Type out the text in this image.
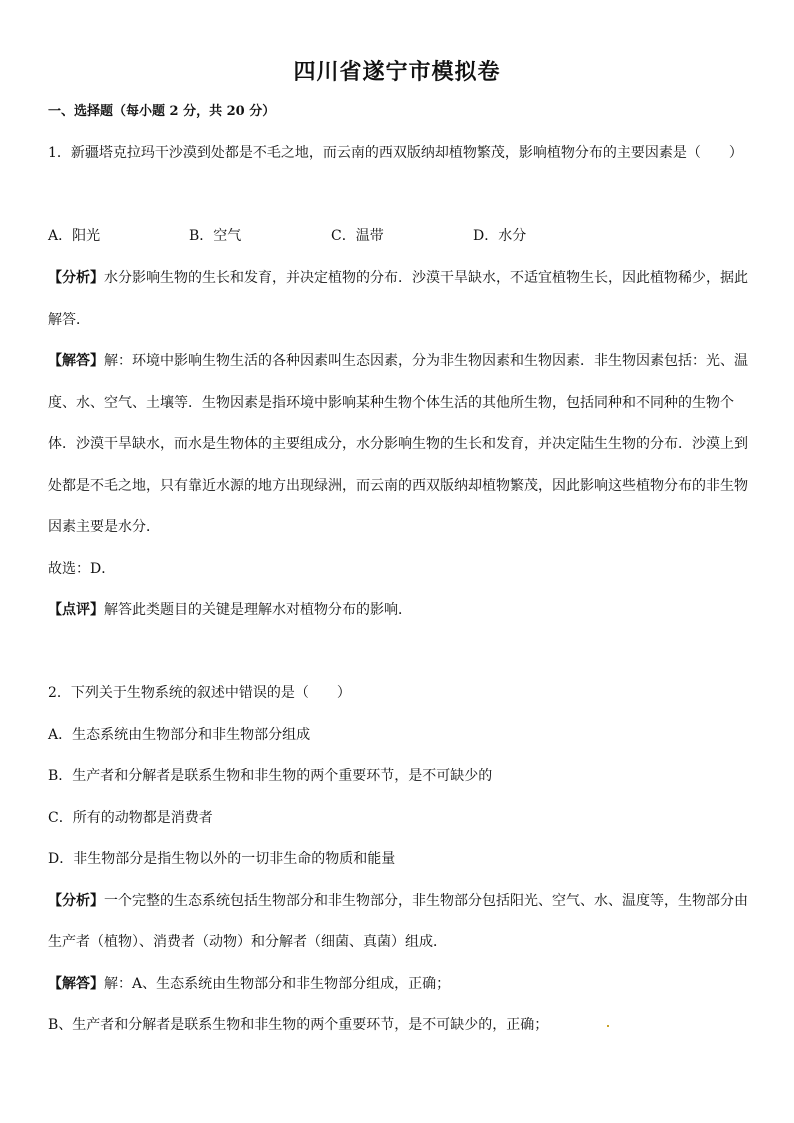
四川省遂宁市模拟卷
一、选择题（每小题 2 分，共 20 分）
1．新疆塔克拉玛干沙漠到处都是不毛之地，而云南的西双版纳却植物繁茂，影响植物分布的主要因素是（　　）
A．阳光	B．空气	C．温带	D．水分
【分析】水分影响生物的生长和发育，并决定植物的分布．沙漠干旱缺水，不适宜植物生长，因此植物稀少，据此
解答．
【解答】解：环境中影响生物生活的各种因素叫生态因素，分为非生物因素和生物因素．非生物因素包括：光、温
度、水、空气、土壤等．生物因素是指环境中影响某种生物个体生活的其他所生物，包括同种和不同种的生物个
体．沙漠干旱缺水，而水是生物体的主要组成分，水分影响生物的生长和发育，并决定陆生生物的分布．沙漠上到
处都是不毛之地，只有靠近水源的地方出现绿洲，而云南的西双版纳却植物繁茂，因此影响这些植物分布的非生物
因素主要是水分．
故选：D．
【点评】解答此类题目的关键是理解水对植物分布的影响．
2．下列关于生物系统的叙述中错误的是（　　）
A．生态系统由生物部分和非生物部分组成
B．生产者和分解者是联系生物和非生物的两个重要环节，是不可缺少的
C．所有的动物都是消费者
D．非生物部分是指生物以外的一切非生命的物质和能量
【分析】一个完整的生态系统包括生物部分和非生物部分，非生物部分包括阳光、空气、水、温度等，生物部分由
生产者（植物）、消费者（动物）和分解者（细菌、真菌）组成．
【解答】解：A、生态系统由生物部分和非生物部分组成，正确；
B、生产者和分解者是联系生物和非生物的两个重要环节，是不可缺少的，正确；
